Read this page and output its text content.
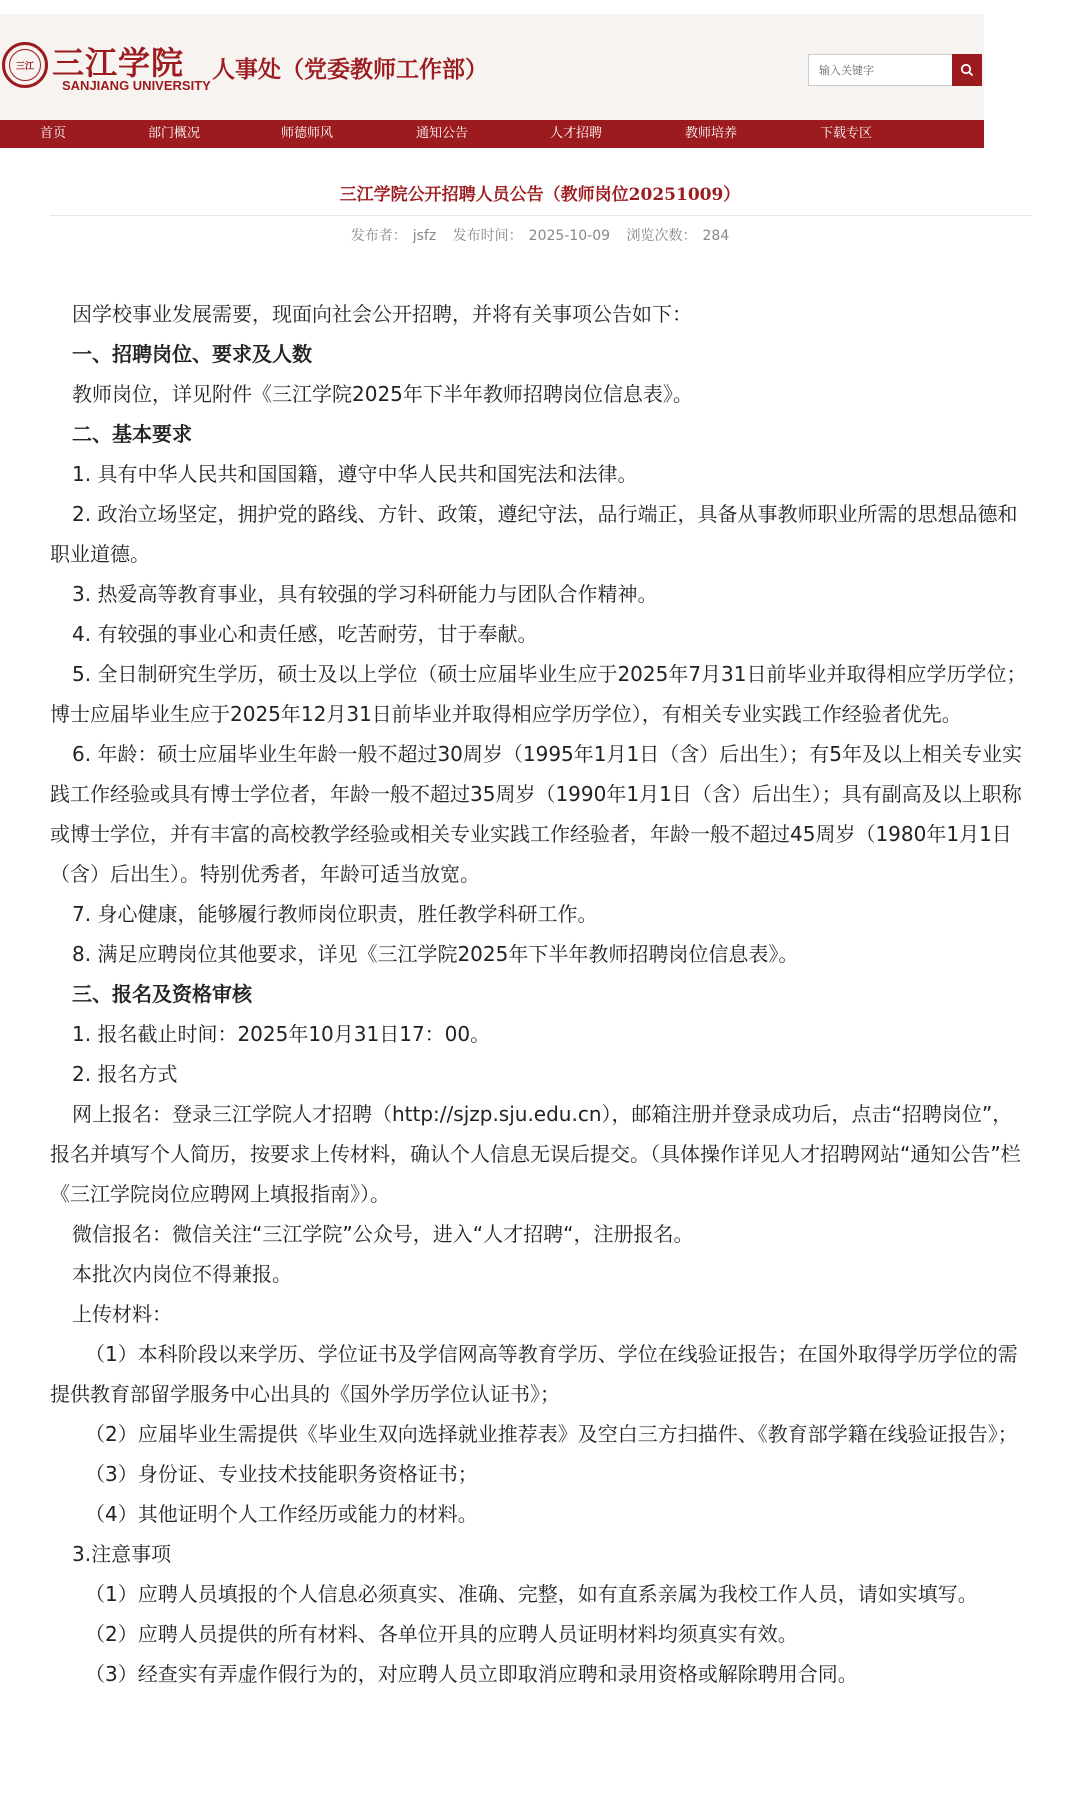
三江 三江学院
SANJIANG UNIVERSITY
人事处（党委教师工作部）
输入关键字
首页	部门概况	师德师风	通知公告	人才招聘	教师培养	下载专区
三江学院公开招聘人员公告（教师岗位20251009）
发布者： jsfz 发布时间： 2025-10-09 浏览次数： 284

因学校事业发展需要，现面向社会公开招聘，并将有关事项公告如下：

一、招聘岗位、要求及人数

教师岗位，详见附件《三江学院2025年下半年教师招聘岗位信息表》。

二、基本要求

1. 具有中华人民共和国国籍，遵守中华人民共和国宪法和法律。

2. 政治立场坚定，拥护党的路线、方针、政策，遵纪守法，品行端正，具备从事教师职业所需的思想品德和职业道德。

3. 热爱高等教育事业，具有较强的学习科研能力与团队合作精神。

4. 有较强的事业心和责任感，吃苦耐劳，甘于奉献。

5. 全日制研究生学历，硕士及以上学位（硕士应届毕业生应于2025年7月31日前毕业并取得相应学历学位；博士应届毕业生应于2025年12月31日前毕业并取得相应学历学位），有相关专业实践工作经验者优先。

6. 年龄：硕士应届毕业生年龄一般不超过30周岁（1995年1月1日（含）后出生）；有5年及以上相关专业实践工作经验或具有博士学位者，年龄一般不超过35周岁（1990年1月1日（含）后出生）；具有副高及以上职称或博士学位，并有丰富的高校教学经验或相关专业实践工作经验者，年龄一般不超过45周岁（1980年1月1日（含）后出生）。特别优秀者，年龄可适当放宽。

7. 身心健康，能够履行教师岗位职责，胜任教学科研工作。

8. 满足应聘岗位其他要求，详见《三江学院2025年下半年教师招聘岗位信息表》。

三、报名及资格审核

1. 报名截止时间：2025年10月31日17：00。

2. 报名方式

网上报名：登录三江学院人才招聘（http://sjzp.sju.edu.cn），邮箱注册并登录成功后，点击“招聘岗位”，报名并填写个人简历，按要求上传材料，确认个人信息无误后提交。（具体操作详见人才招聘网站“通知公告”栏《三江学院岗位应聘网上填报指南》）。

微信报名：微信关注“三江学院”公众号，进入“人才招聘“，注册报名。

本批次内岗位不得兼报。

上传材料：

（1）本科阶段以来学历、学位证书及学信网高等教育学历、学位在线验证报告；在国外取得学历学位的需提供教育部留学服务中心出具的《国外学历学位认证书》；

（2）应届毕业生需提供《毕业生双向选择就业推荐表》及空白三方扫描件、《教育部学籍在线验证报告》；

（3）身份证、专业技术技能职务资格证书；

（4）其他证明个人工作经历或能力的材料。

3.注意事项

（1）应聘人员填报的个人信息必须真实、准确、完整，如有直系亲属为我校工作人员，请如实填写。

（2）应聘人员提供的所有材料、各单位开具的应聘人员证明材料均须真实有效。

（3）经查实有弄虚作假行为的，对应聘人员立即取消应聘和录用资格或解除聘用合同。
